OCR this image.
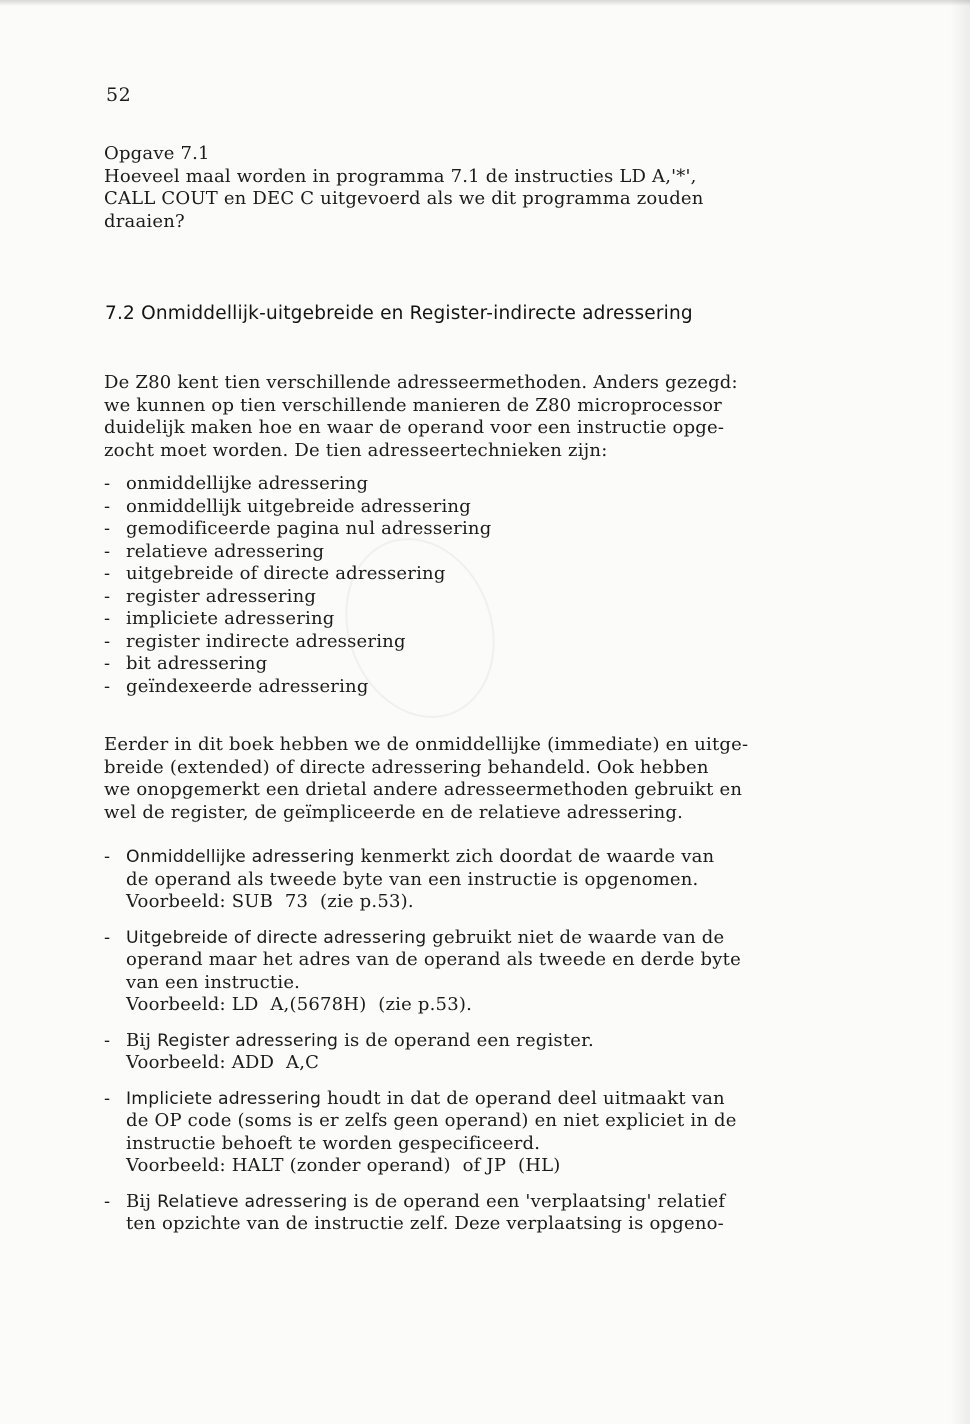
52

Opgave 7.1

Hoeveel maal worden in programma 7.1 de instructies LD A,'*',

CALL COUT en DEC C uitgevoerd als we dit programma zouden

draaien?

7.2 Onmiddellijk-uitgebreide en Register-indirecte adressering

De Z80 kent tien verschillende adresseermethoden. Anders gezegd:

we kunnen op tien verschillende manieren de Z80 microprocessor

duidelijk maken hoe en waar de operand voor een instructie opge-

zocht moet worden. De tien adresseertechnieken zijn:

- onmiddellijke adressering
- onmiddellijk uitgebreide adressering
- gemodificeerde pagina nul adressering
- relatieve adressering
- uitgebreide of directe adressering
- register adressering
- impliciete adressering
- register indirecte adressering
- bit adressering
- geïndexeerde adressering

Eerder in dit boek hebben we de onmiddellijke (immediate) en uitge-

breide (extended) of directe adressering behandeld. Ook hebben

we onopgemerkt een drietal andere adresseermethoden gebruikt en

wel de register, de geïmpliceerde en de relatieve adressering.

- Onmiddellijke adressering kenmerkt zich doordat de waarde van
de operand als tweede byte van een instructie is opgenomen.

Voorbeeld: SUB  73  (zie p.53).
- Uitgebreide of directe adressering gebruikt niet de waarde van de
operand maar het adres van de operand als tweede en derde byte
van een instructie.

Voorbeeld: LD  A,(5678H)  (zie p.53).
- Bij Register adressering is de operand een register.

Voorbeeld: ADD  A,C
- Impliciete adressering houdt in dat de operand deel uitmaakt van
de OP code (soms is er zelfs geen operand) en niet expliciet in de
instructie behoeft te worden gespecificeerd.

Voorbeeld: HALT (zonder operand)  of JP  (HL)
- Bij Relatieve adressering is de operand een 'verplaatsing' relatief
ten opzichte van de instructie zelf. Deze verplaatsing is opgeno-
